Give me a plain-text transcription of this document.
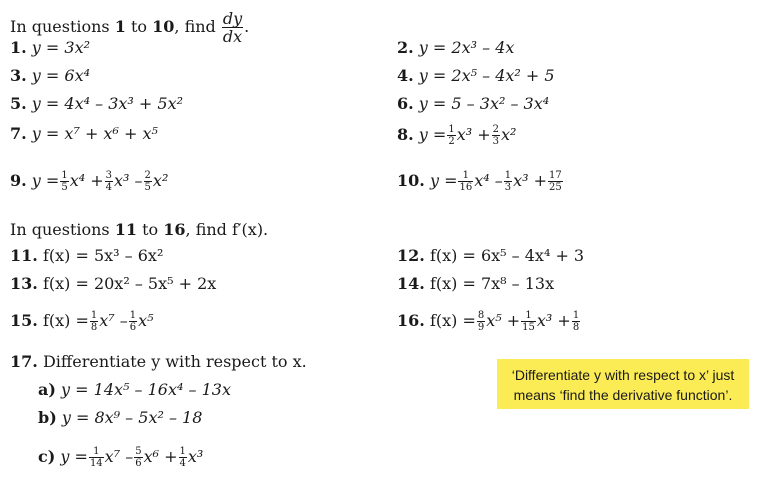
In questions 1 to 10, find $\frac{dy}{dx}$ .
1. y = 3x²
3. y = 6x⁴
5. y = 4x⁴ – 3x³ + 5x²
7. y = x⁷ + x⁶ + x⁵
9. $y = \frac{1}{5} x^4 + \frac{3}{4} x^3 - \frac{2}{5} x^2$
2. y = 2x³ – 4x
4. y = 2x⁵ – 4x² + 5
6. y = 5 – 3x² – 3x⁴
8. $y = \frac{1}{2} x^3 + \frac{2}{3} x^2$
10. $y = \frac{1}{16} x^4 - \frac{1}{3} x^3 + \frac{17}{25}$
In questions 11 to 16, find f′(x).
11. f(x) = 5x³ – 6x²
13. f(x) = 20x² – 5x⁵ + 2x
15. $f(x) = \frac{1}{8} x^7 - \frac{1}{6} x^5$
12. f(x) = 6x⁵ – 4x⁴ + 3
14. f(x) = 7x⁸ – 13x
16. $f(x) = \frac{8}{9} x^5 + \frac{1}{15} x^3 + \frac{1}{8}$
17. Differentiate y with respect to x.
a) y = 14x⁵ – 16x⁴ – 13x
b) y = 8x⁹ – 5x² – 18
c) $y = \frac{1}{14} x^7 - \frac{5}{6} x^6 + \frac{1}{4} x^3$
‘Differentiate y with respect to x’ just means ‘find the derivative function’.
